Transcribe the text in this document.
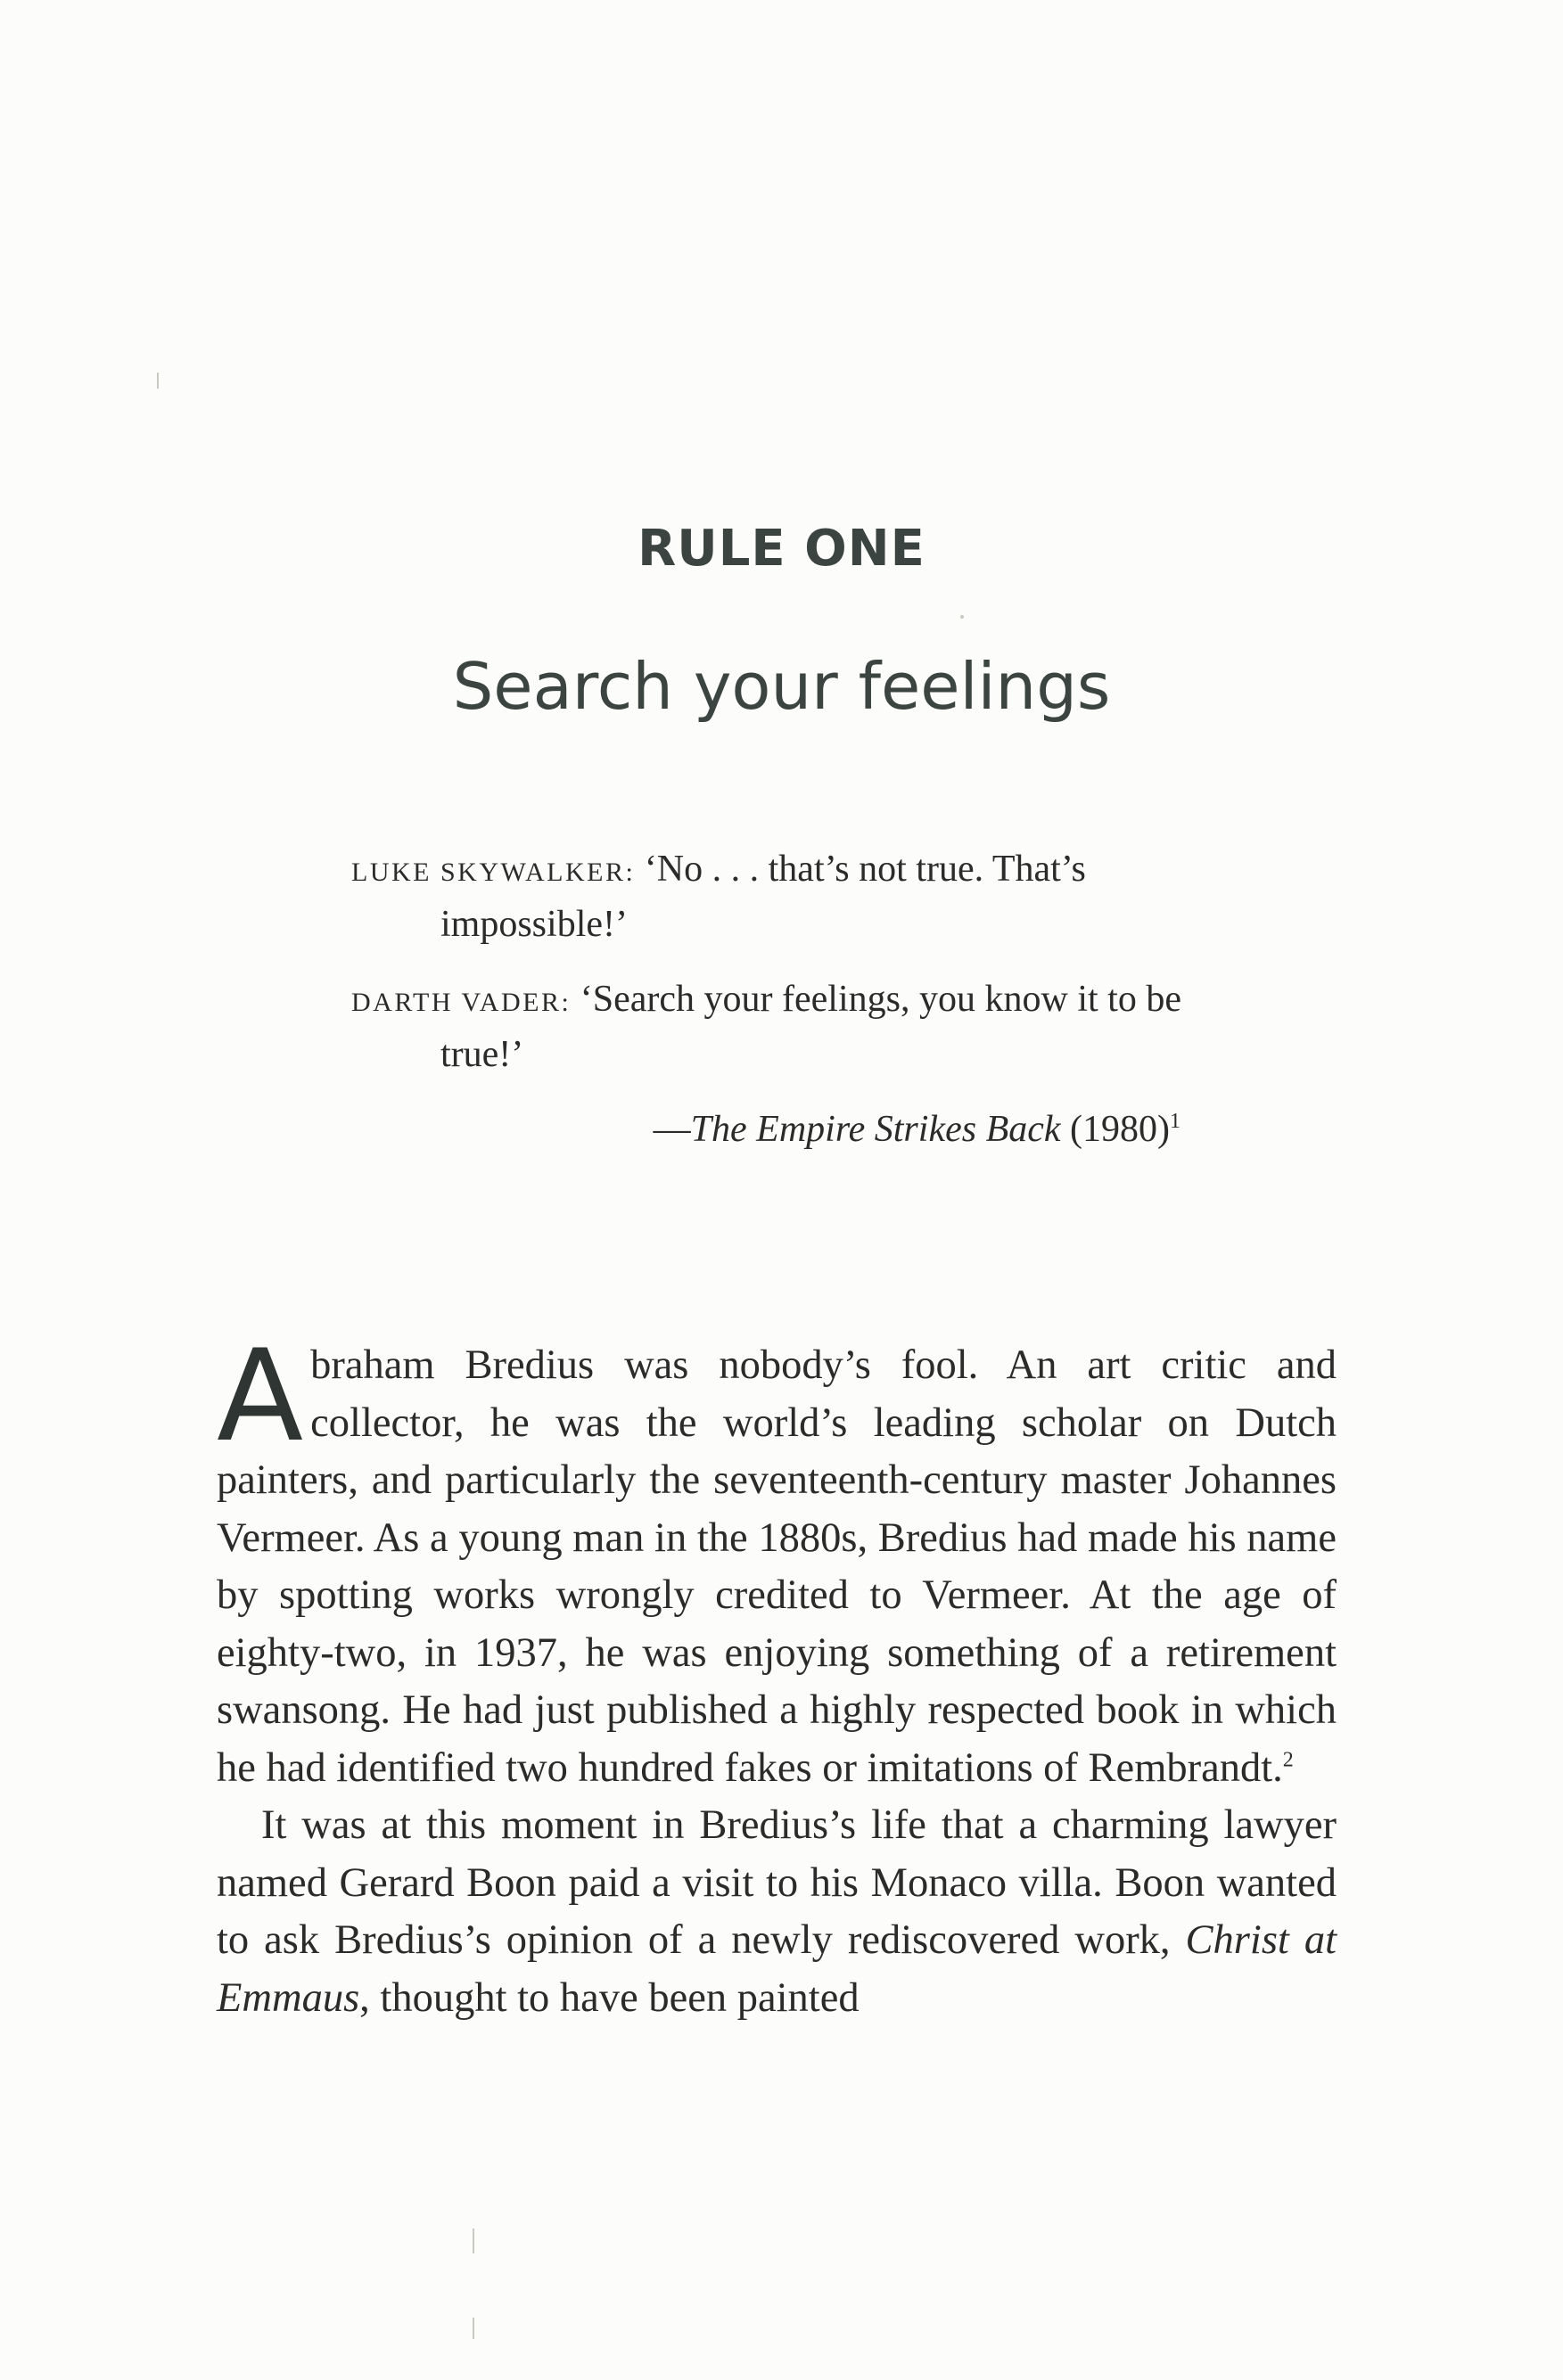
RULE ONE
Search your feelings

LUKE SKYWALKER: ‘No . . . that’s not true. That’s impossible!’

DARTH VADER: ‘Search your feelings, you know it to be true!’

—The Empire Strikes Back $(1980)^1$

Abraham Bredius was nobody’s fool. An art critic and collector, he was the world’s leading scholar on Dutch painters, and particularly the seventeenth-century master Johannes Vermeer. As a young man in the 1880s, Bredius had made his name by spotting works wrongly credited to Vermeer. At the age of eighty-two, in 1937, he was enjoying something of a retirement swansong. He had just published a highly respected book in which he had identified two hundred fakes or imitations of Rembrandt.$^2$

It was at this moment in Bredius’s life that a charming lawyer named Gerard Boon paid a visit to his Monaco villa. Boon wanted to ask Bredius’s opinion of a newly rediscovered work, Christ at Emmaus, thought to have been painted
